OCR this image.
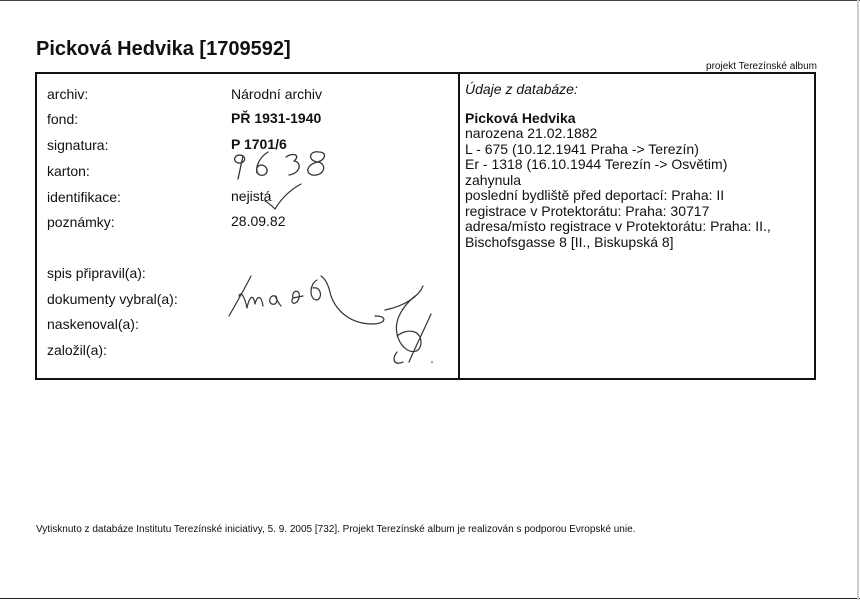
Picková Hedvika [1709592]
projekt Terezínské album
archiv:	Národní archiv
fond:	PŘ 1931-1940
signatura:	P 1701/6
karton:
identifikace:	nejistá
poznámky:	28.09.82
spis připravil(a):
dokumenty vybral(a):
naskenoval(a):
založil(a):
Údaje z databáze:
Picková Hedvika
narozena 21.02.1882
L - 675 (10.12.1941 Praha -> Terezín)
Er - 1318 (16.10.1944 Terezín -> Osvětim)
zahynula
poslední bydliště před deportací: Praha: II
registrace v Protektorátu: Praha: 30717
adresa/místo registrace v Protektorátu: Praha: II.,
Bischofsgasse 8 [II., Biskupská 8]
Vytisknuto z databáze Institutu Terezínské iniciativy, 5. 9. 2005 [732]. Projekt Terezínské album je realizován s podporou Evropské unie.
